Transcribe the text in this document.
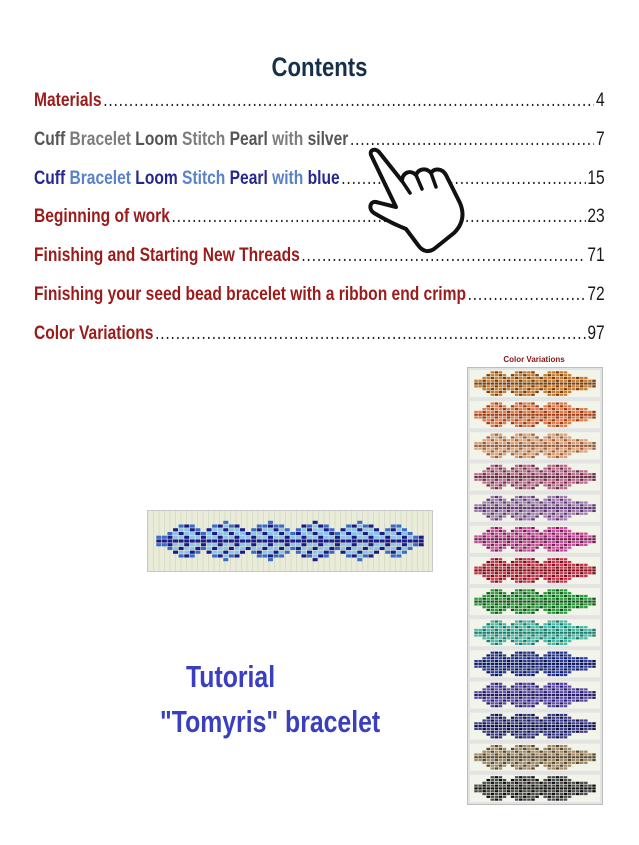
Contents
Materials .....	4
Cuff Bracelet Loom Stitch Pearl with silver .....	7
Cuff Bracelet Loom Stitch Pearl with blue .....	15
Beginning of work .....	23
Finishing and Starting New Threads .....	71
Finishing your seed bead bracelet with a ribbon end crimp .....	72
Color Variations .....	97
Color Variations
Tutorial
"Tomyris" bracelet
